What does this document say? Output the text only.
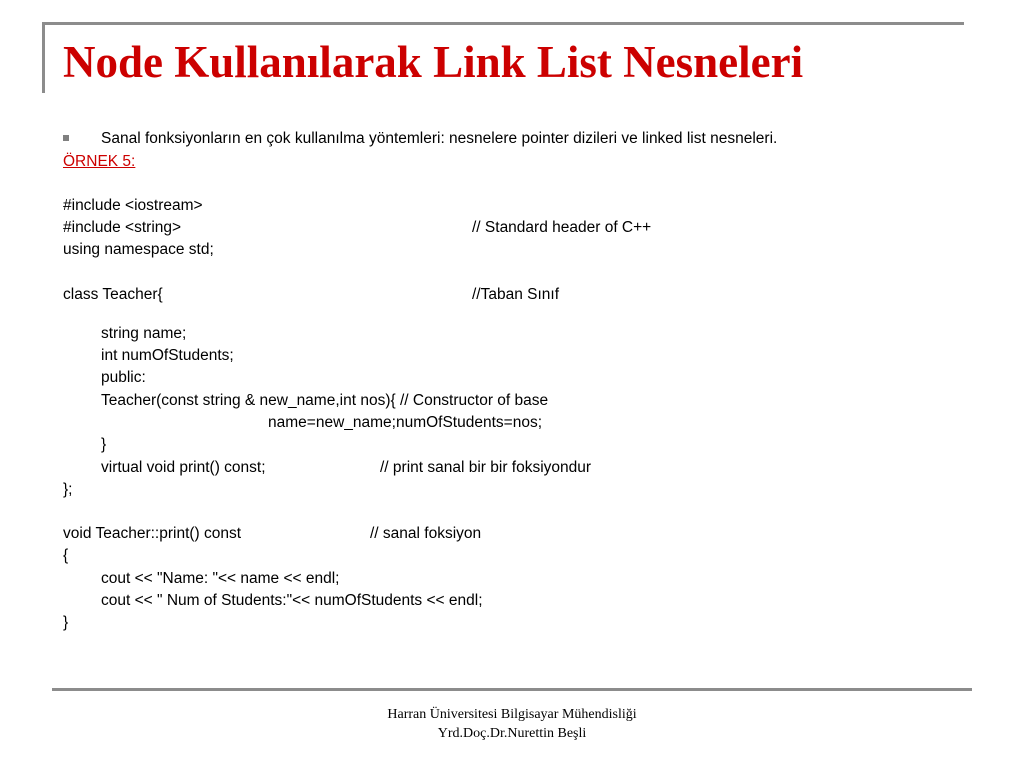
Node Kullanılarak Link List Nesneleri
Sanal fonksiyonların en çok kullanılma yöntemleri: nesnelere pointer dizileri ve linked list nesneleri.
ÖRNEK 5:
#include <iostream>
#include <string>	// Standard header of C++
using namespace std;
class Teacher{	//Taban Sınıf
string name;
int numOfStudents;
public:
Teacher(const string & new_name,int nos){ // Constructor of base
name=new_name;numOfStudents=nos;
}
virtual void print() const;	// print sanal bir bir foksiyondur
};
void Teacher::print() const	// sanal foksiyon
{
cout << "Name: "<< name << endl;
cout << " Num of Students:"<< numOfStudents << endl;
}
Harran Üniversitesi Bilgisayar Mühendisliği
Yrd.Doç.Dr.Nurettin Beşli
